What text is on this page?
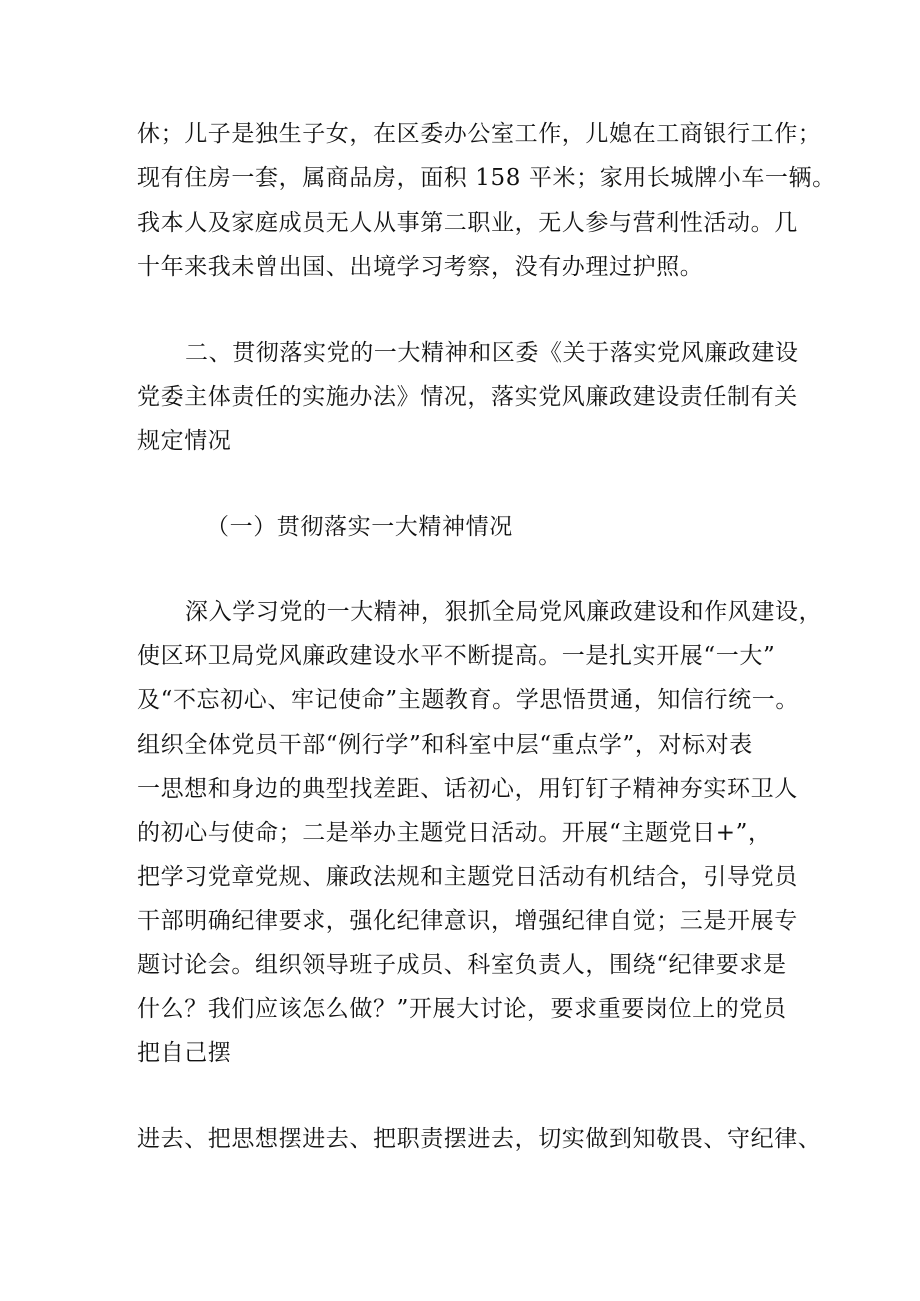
休；儿子是独生子女，在区委办公室工作，儿媳在工商银行工作；
现有住房一套，属商品房，面积 158 平米；家用长城牌小车一辆。
我本人及家庭成员无人从事第二职业，无人参与营利性活动。几
十年来我未曾出国、出境学习考察，没有办理过护照。
二、贯彻落实党的一大精神和区委《关于落实党风廉政建设
党委主体责任的实施办法》情况，落实党风廉政建设责任制有关
规定情况
（一）贯彻落实一大精神情况
深入学习党的一大精神，狠抓全局党风廉政建设和作风建设，
使区环卫局党风廉政建设水平不断提高。一是扎实开展“一大”
及“不忘初心、牢记使命”主题教育。学思悟贯通，知信行统一。
组织全体党员干部“例行学”和科室中层“重点学”，对标对表
一思想和身边的典型找差距、话初心，用钉钉子精神夯实环卫人
的初心与使命；二是举办主题党日活动。开展“主题党日+”，
把学习党章党规、廉政法规和主题党日活动有机结合，引导党员
干部明确纪律要求，强化纪律意识，增强纪律自觉；三是开展专
题讨论会。组织领导班子成员、科室负责人，围绕“纪律要求是
什么？我们应该怎么做？”开展大讨论，要求重要岗位上的党员
把自己摆
进去、把思想摆进去、把职责摆进去，切实做到知敬畏、守纪律、
